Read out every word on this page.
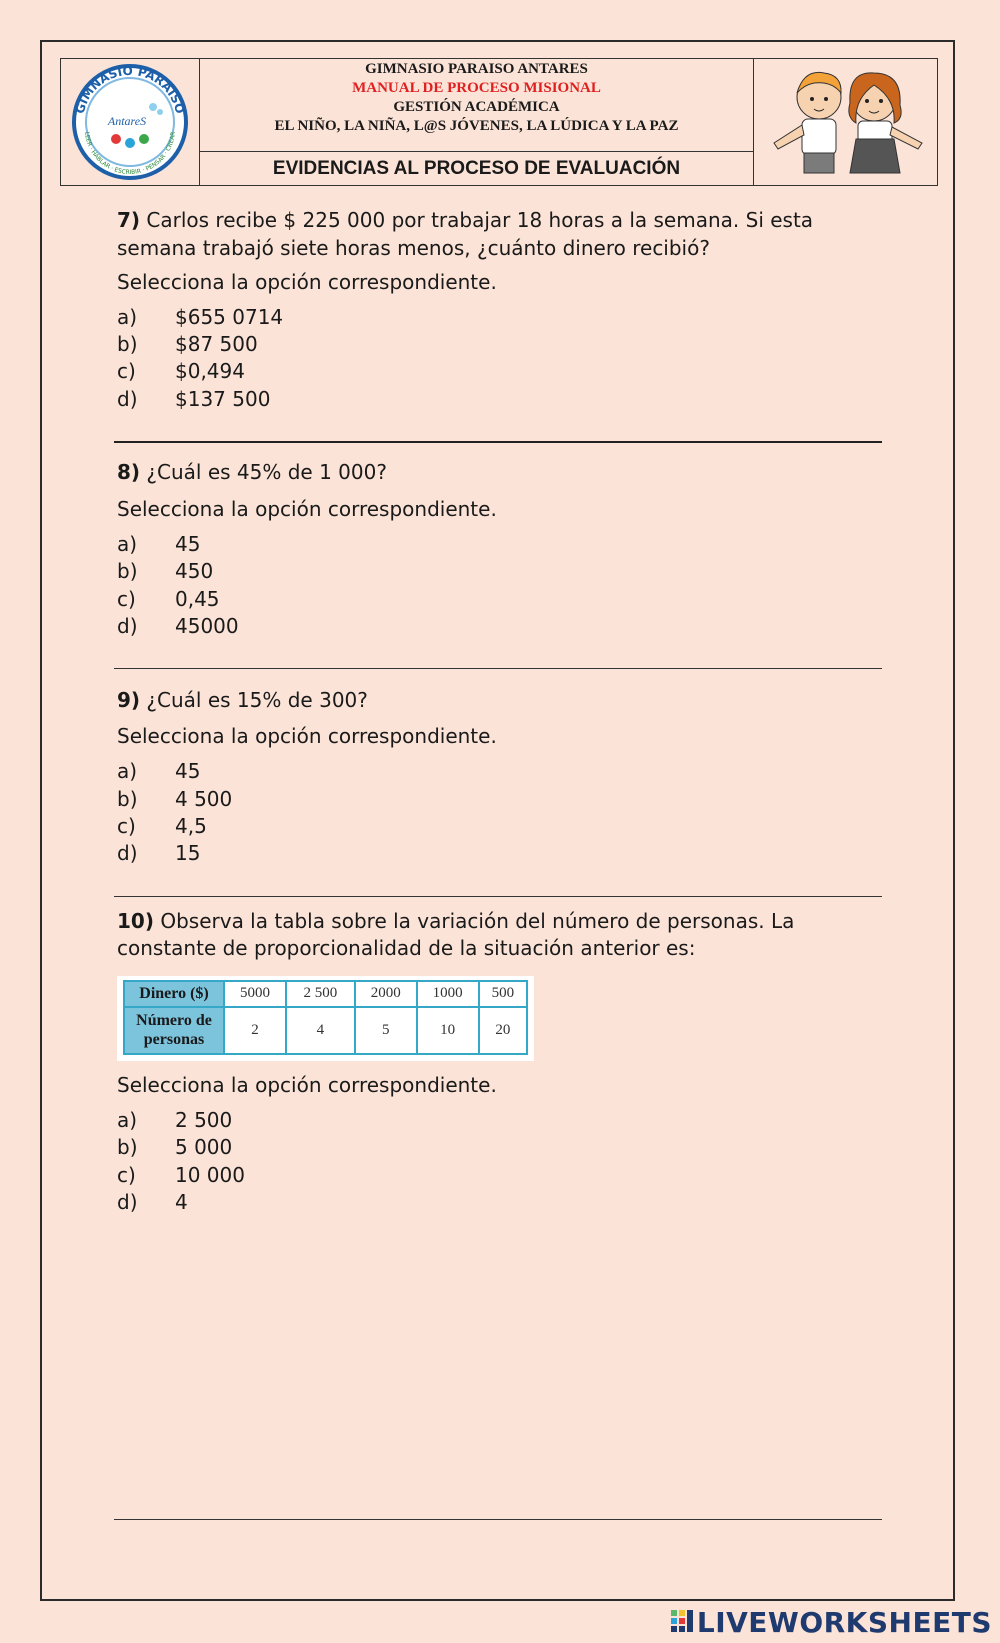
GIMNASIO PARAISO
LEER · HABLAR · ESCRIBIR · PENSAR · CREAR
AntareS
GIMNASIO PARAISO ANTARES
MANUAL DE PROCESO MISIONAL
GESTIÓN ACADÉMICA
EL NIÑO, LA NIÑA, L@S JÓVENES, LA LÚDICA Y LA PAZ
EVIDENCIAS AL PROCESO DE EVALUACIÓN
7) Carlos recibe $ 225 000 por trabajar 18 horas a la semana. Si esta
semana trabajó siete horas menos, ¿cuánto dinero recibió?
Selecciona la opción correspondiente.
a) $655 0714
b) $87 500
c) $0,494
d) $137 500
8) ¿Cuál es 45% de 1 000?
Selecciona la opción correspondiente.
a) 45
b) 450
c) 0,45
d) 45000
9) ¿Cuál es 15% de 300?
Selecciona la opción correspondiente.
a) 45
b) 4 500
c) 4,5
d) 15
10) Observa la tabla sobre la variación del número de personas. La
constante de proporcionalidad de la situación anterior es:
Dinero ($)	5000	2 500	2000	1000	500

Número de
personas	2	4	5	10	20
Selecciona la opción correspondiente.
a) 2 500
b) 5 000
c) 10 000
d) 4
LIVEWORKSHEETS
